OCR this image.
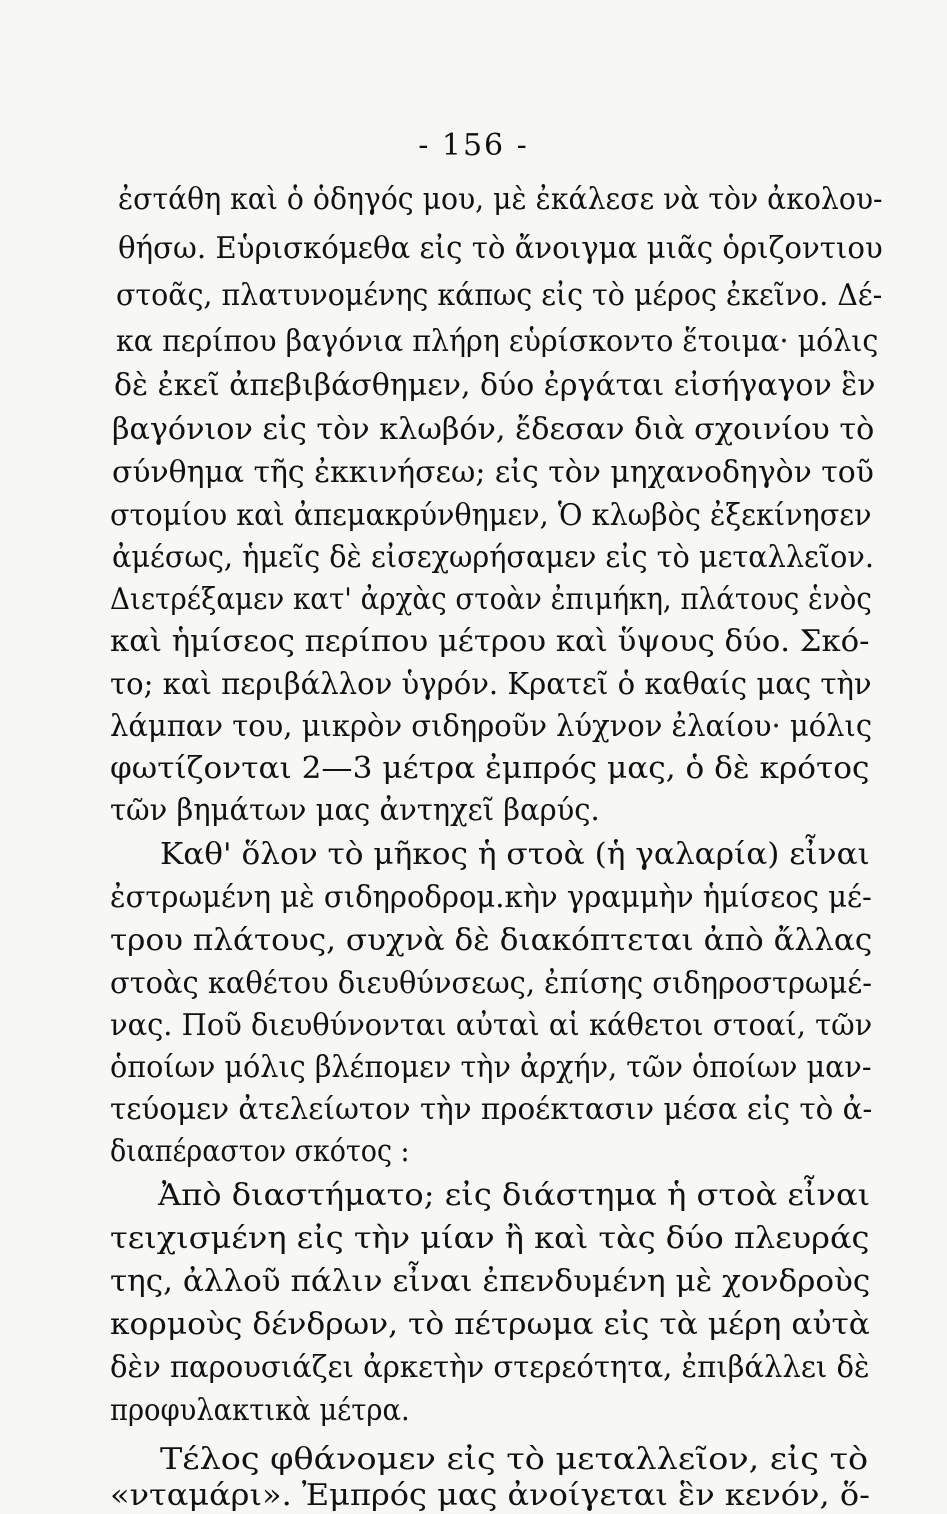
- 156 -
ἐστάθη καὶ ὁ ὁδηγός μου, μὲ ἐκάλεσε νὰ τὸν ἀκολου-
θήσω. Εὑρισκόμεθα εἰς τὸ ἄνοιγμα μιᾶς ὁριζοντιου
στοᾶς, πλατυνομένης κάπως εἰς τὸ μέρος ἐκεῖνο. Δέ-
κα περίπου βαγόνια πλήρη εὑρίσκοντο ἕτοιμα· μόλις
δὲ ἐκεῖ ἀπεβιβάσθημεν, δύο ἐργάται εἰσήγαγον ἓν
βαγόνιον εἰς τὸν κλωβόν, ἔδεσαν διὰ σχοινίου τὸ
σύνθημα τῆς ἐκκινήσεω; εἰς τὸν μηχανοδηγὸν τοῦ
στομίου καὶ ἀπεμακρύνθημεν, Ὁ κλωβὸς ἐξεκίνησεν
ἀμέσως, ἡμεῖς δὲ εἰσεχωρήσαμεν εἰς τὸ μεταλλεῖον.
Διετρέξαμεν κατ' ἀρχὰς στοὰν ἐπιμήκη, πλάτους ἑνὸς
καὶ ἡμίσεος περίπου μέτρου καὶ ὕψους δύο. Σκό-
το; καὶ περιβάλλον ὑγρόν. Κρατεῖ ὁ καθαίς μας τὴν
λάμπαν του, μικρὸν σιδηροῦν λύχνον ἐλαίου· μόλις
φωτίζονται 2—3 μέτρα ἐμπρός μας, ὁ δὲ κρότος
τῶν βημάτων μας ἀντηχεῖ βαρύς.
Καθ' ὅλον τὸ μῆκος ἡ στοὰ (ἡ γαλαρία) εἶναι
ἐστρωμένη μὲ σιδηροδρομ.κὴν γραμμὴν ἡμίσεος μέ-
τρου πλάτους, συχνὰ δὲ διακόπτεται ἀπὸ ἄλλας
στοὰς καθέτου διευθύνσεως, ἐπίσης σιδηροστρωμέ-
νας. Ποῦ διευθύνονται αὐταὶ αἱ κάθετοι στοαί, τῶν
ὁποίων μόλις βλέπομεν τὴν ἀρχήν, τῶν ὁποίων μαν-
τεύομεν ἀτελείωτον τὴν προέκτασιν μέσα εἰς τὸ ἀ-
διαπέραστον σκότος :
Ἀπὸ διαστήματο; εἰς διάστημα ἡ στοὰ εἶναι
τειχισμένη εἰς τὴν μίαν ἢ καὶ τὰς δύο πλευράς
της, ἀλλοῦ πάλιν εἶναι ἐπενδυμένη μὲ χονδροὺς
κορμοὺς δένδρων, τὸ πέτρωμα εἰς τὰ μέρη αὐτὰ
δὲν παρουσιάζει ἀρκετὴν στερεότητα, ἐπιβάλλει δὲ
προφυλακτικὰ μέτρα.
Τέλος φθάνομεν εἰς τὸ μεταλλεῖον, εἰς τὸ
«νταμάρι». Ἐμπρός μας ἀνοίγεται ἓν κενόν, ὅ-
